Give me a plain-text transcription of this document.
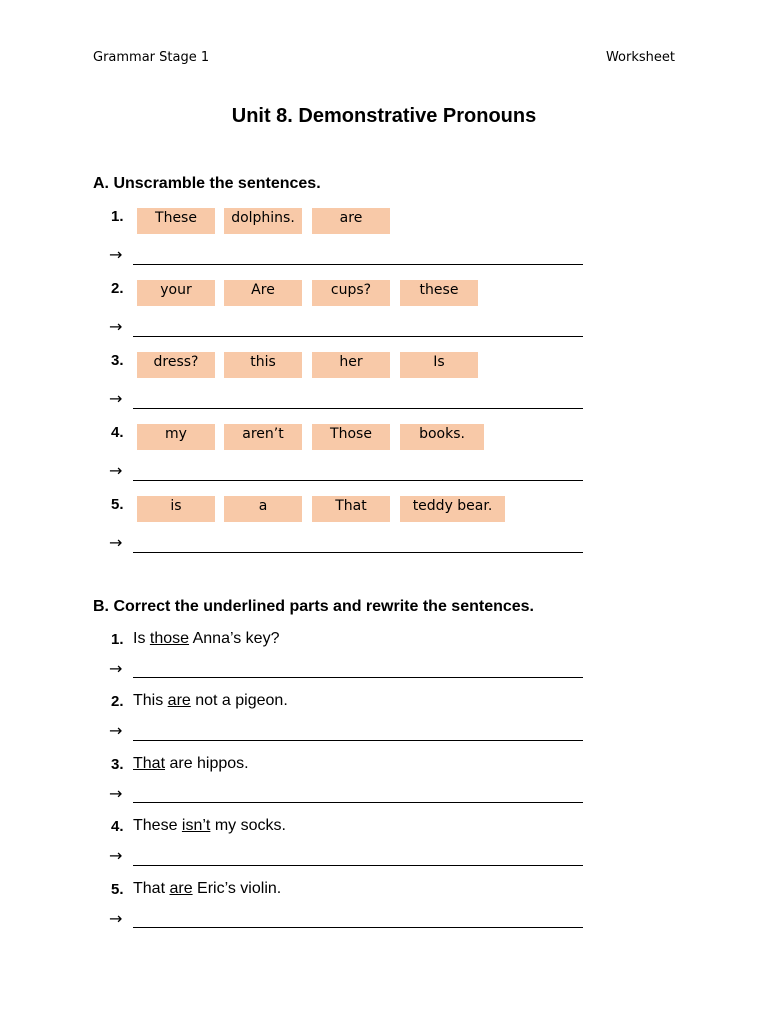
Grammar Stage 1	Worksheet
Unit 8. Demonstrative Pronouns
A. Unscramble the sentences.
1.	These	dolphins.	are
→
2.	your	Are	cups?	these
→
3.	dress?	this	her	Is
→
4.	my	aren’t	Those	books.
→
5.	is	a	That	teddy bear.
→
B. Correct the underlined parts and rewrite the sentences.
1. Is those Anna’s key?
→
2. This are not a pigeon.
→
3. That are hippos.
→
4. These isn’t my socks.
→
5. That are Eric’s violin.
→
